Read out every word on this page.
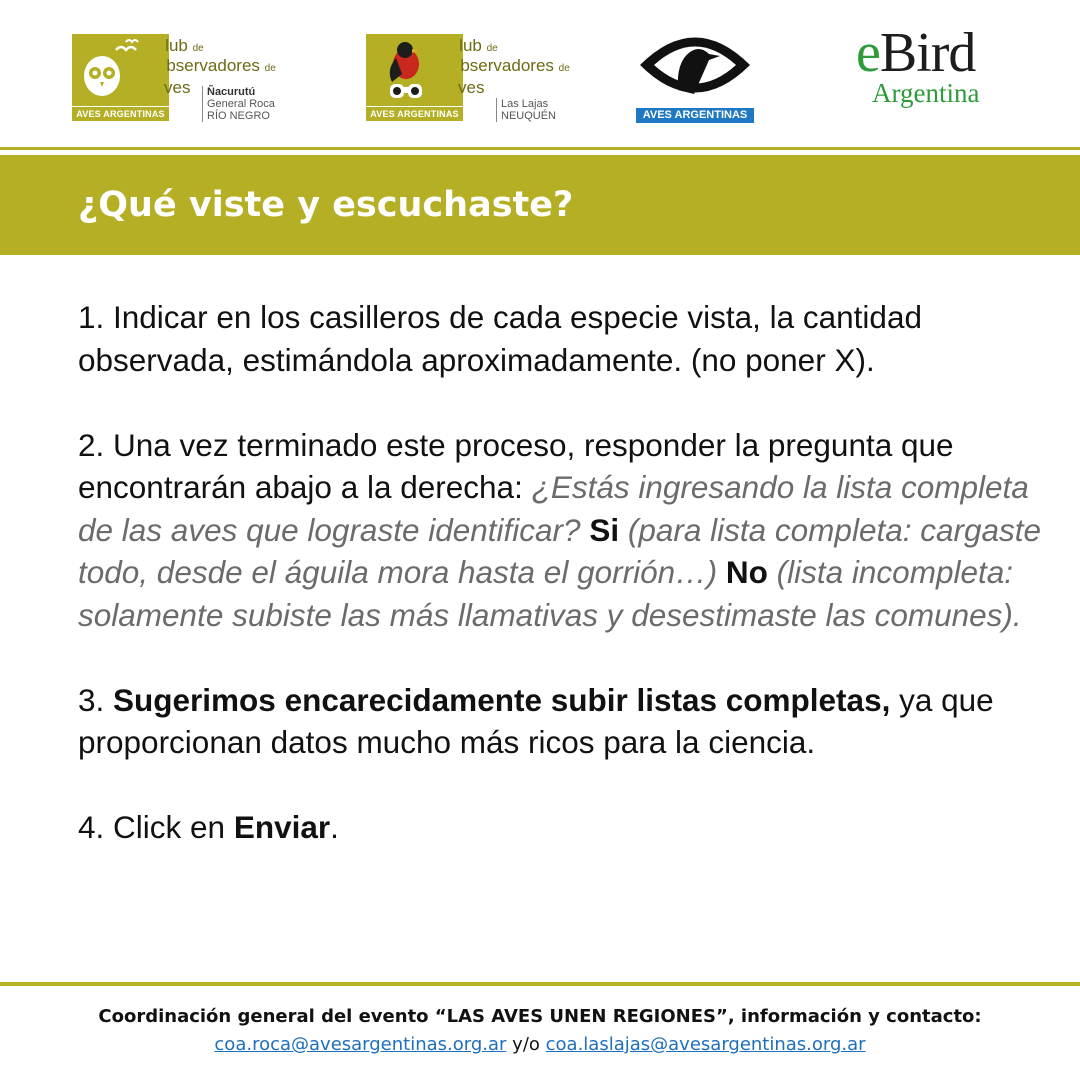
AVES ARGENTINAS
Club de
Observadores de
Aves	Ñacurutú
General Roca
RÍO NEGRO	AVES ARGENTINAS
Club de
Observadores de
Aves
Las Lajas
NEUQUÉN	AVES ARGENTINAS
eBird
Argentina
¿Qué viste y escuchaste?

1. Indicar en los casilleros de cada especie vista, la cantidad observada, estimándola aproximadamente. (no poner X).

2. Una vez terminado este proceso, responder la pregunta que encontrarán abajo a la derecha: ¿Estás ingresando la lista completa de las aves que lograste identificar? Si (para lista completa: cargaste todo, desde el águila mora hasta el gorrión…) No (lista incompleta: solamente subiste las más llamativas y desestimaste las comunes).

3. Sugerimos encarecidamente subir listas completas, ya que proporcionan datos mucho más ricos para la ciencia.

4. Click en Enviar.

Coordinación general del evento “LAS AVES UNEN REGIONES”, información y contacto:
coa.roca@avesargentinas.org.ar y/o coa.laslajas@avesargentinas.org.ar
